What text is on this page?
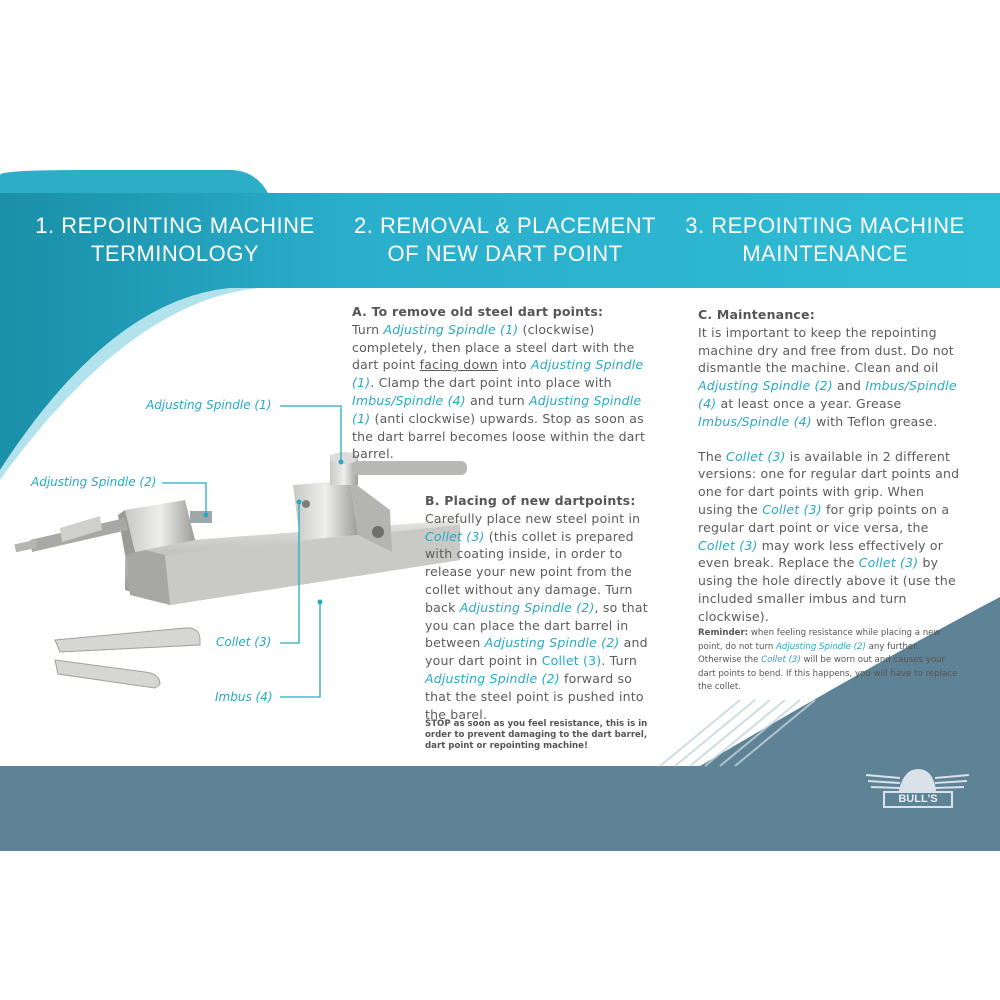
1. REPOINTING MACHINE
TERMINOLOGY
2. REMOVAL & PLACEMENT
OF NEW DART POINT
3. REPOINTING MACHINE
MAINTENANCE
Adjusting Spindle (1)
Adjusting Spindle (2)
Collet (3)
Imbus (4)

A. To remove old steel dart points:

Turn Adjusting Spindle (1) (clockwise) completely, then place a steel dart with the dart point facing down into Adjusting Spindle (1). Clamp the dart point into place with Imbus/Spindle (4) and turn Adjusting Spindle (1) (anti clockwise) upwards. Stop as soon as the dart barrel becomes loose within the dart barrel.

B. Placing of new dartpoints:

Carefully place new steel point in Collet (3) (this collet is prepared with coating inside, in order to release your new point from the collet without any damage. Turn back Adjusting Spindle (2), so that you can place the dart barrel in between Adjusting Spindle (2) and your dart point in Collet (3). Turn Adjusting Spindle (2) forward so that the steel point is pushed into the barel.

STOP as soon as you feel resistance, this is in order to prevent damaging to the dart barrel, dart point or repointing machine!

C. Maintenance:

It is important to keep the repointing machine dry and free from dust. Do not dismantle the machine. Clean and oil Adjusting Spindle (2) and Imbus/Spindle (4) at least once a year. Grease Imbus/Spindle (4) with Teflon grease.

The Collet (3) is available in 2 different versions: one for regular dart points and one for dart points with grip. When using the Collet (3) for grip points on a regular dart point or vice versa, the Collet (3) may work less effectively or even break. Replace the Collet (3) by using the hole directly above it (use the included smaller imbus and turn clockwise).

Reminder: when feeling resistance while placing a new point, do not turn Adjusting Spindle (2) any further. Otherwise the Collet (3) will be worn out and causes your dart points to bend. If this happens, you will have to replace the collet.
BULL'S
